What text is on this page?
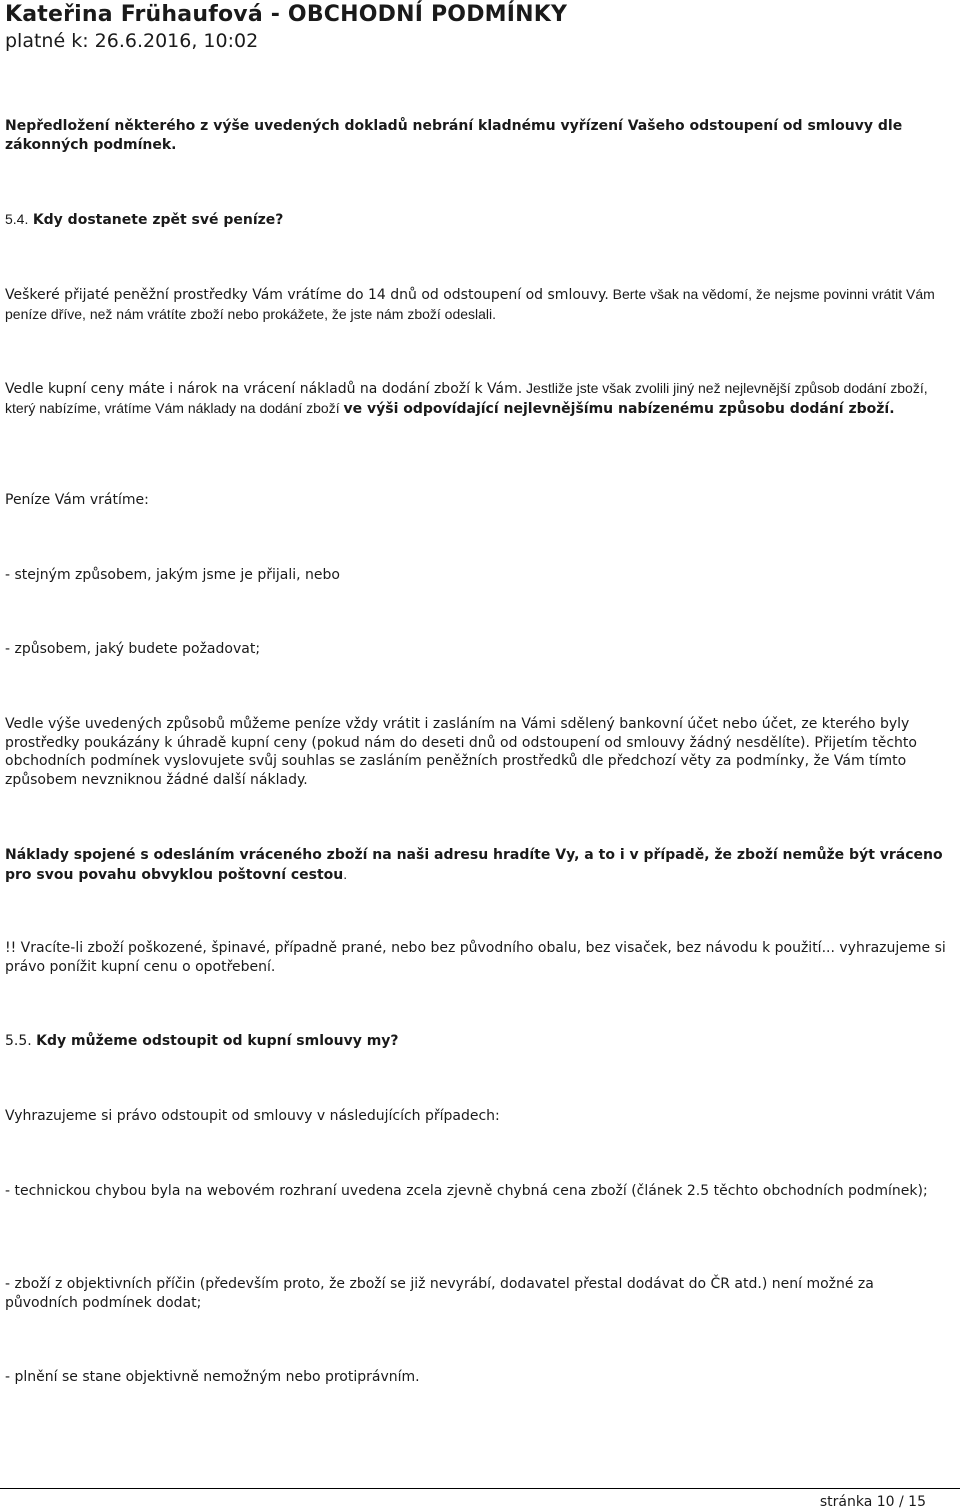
Kateřina Frühaufová - OBCHODNÍ PODMÍNKY
platné k: 26.6.2016, 10:02
Nepředložení některého z výše uvedených dokladů nebrání kladnému vyřízení Vašeho odstoupení od smlouvy dle zákonných podmínek.
5.4. Kdy dostanete zpět své peníze?
Veškeré přijaté peněžní prostředky Vám vrátíme do 14 dnů od odstoupení od smlouvy. Berte však na vědomí, že nejsme povinni vrátit Vám peníze dříve, než nám vrátíte zboží nebo prokážete, že jste nám zboží odeslali.
Vedle kupní ceny máte i nárok na vrácení nákladů na dodání zboží k Vám. Jestliže jste však zvolili jiný než nejlevnější způsob dodání zboží, který nabízíme, vrátíme Vám náklady na dodání zboží ve výši odpovídající nejlevnějšímu nabízenému způsobu dodání zboží.
Peníze Vám vrátíme:
- stejným způsobem, jakým jsme je přijali, nebo
- způsobem, jaký budete požadovat;
Vedle výše uvedených způsobů můžeme peníze vždy vrátit i zasláním na Vámi sdělený bankovní účet nebo účet, ze kterého byly prostředky poukázány k úhradě kupní ceny (pokud nám do deseti dnů od odstoupení od smlouvy žádný nesdělíte). Přijetím těchto obchodních podmínek vyslovujete svůj souhlas se zasláním peněžních prostředků dle předchozí věty za podmínky, že Vám tímto způsobem nevzniknou žádné další náklady.
Náklady spojené s odesláním vráceného zboží na naši adresu hradíte Vy, a to i v případě, že zboží nemůže být vráceno pro svou povahu obvyklou poštovní cestou.
!! Vracíte-li zboží poškozené, špinavé, případně prané, nebo bez původního obalu, bez visaček, bez návodu k použití... vyhrazujeme si právo ponížit kupní cenu o opotřebení.
5.5. Kdy můžeme odstoupit od kupní smlouvy my?
Vyhrazujeme si právo odstoupit od smlouvy v následujících případech:
- technickou chybou byla na webovém rozhraní uvedena zcela zjevně chybná cena zboží (článek 2.5 těchto obchodních podmínek);
- zboží z objektivních příčin (především proto, že zboží se již nevyrábí, dodavatel přestal dodávat do ČR atd.) není možné za původních podmínek dodat;
- plnění se stane objektivně nemožným nebo protiprávním.
stránka 10 / 15
